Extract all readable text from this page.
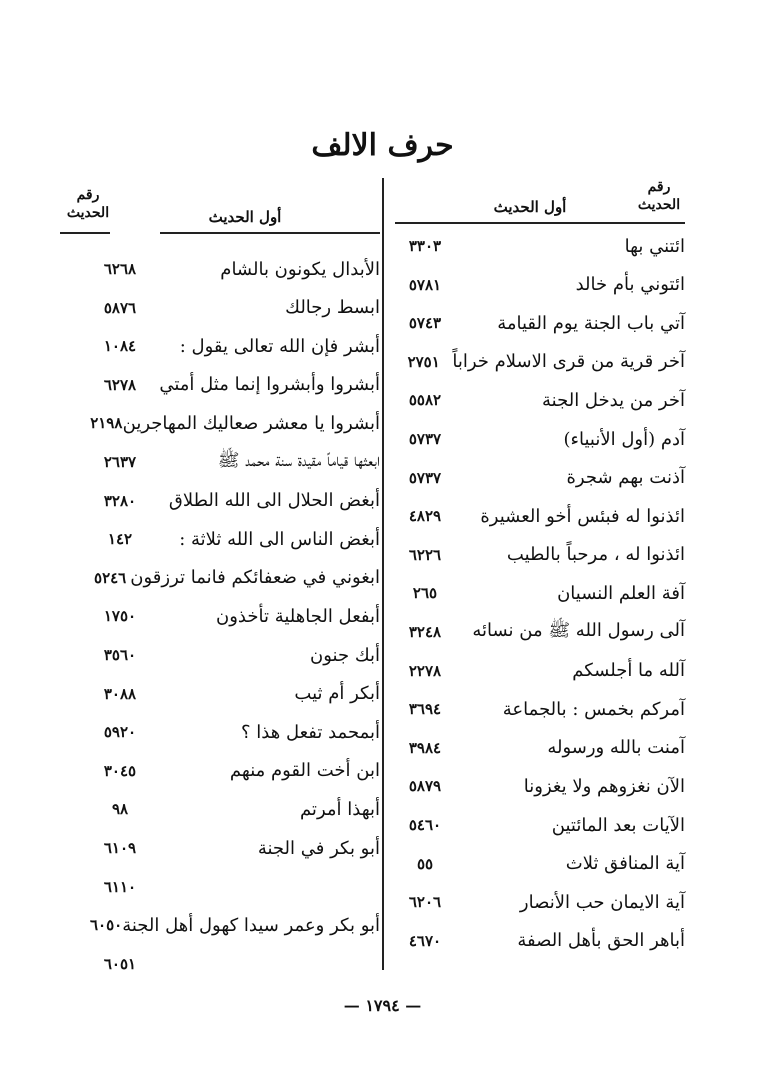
حرف الالف
رقم الحديث
أول الحديث
ائتني بها
٣٣٠٣
ائتوني بأم خالد
٥٧٨١
آتي باب الجنة يوم القيامة
٥٧٤٣
آخر قرية من قرى الاسلام خراباً
٢٧٥١
آخر من يدخل الجنة
٥٥٨٢
آدم (أول الأنبياء)
٥٧٣٧
آذنت بهم شجرة
٥٧٣٧
ائذنوا له فبئس أخو العشيرة
٤٨٢٩
ائذنوا له ، مرحباً بالطيب
٦٢٢٦
آفة العلم النسيان
٢٦٥
آلى رسول الله ﷺ من نسائه
٣٢٤٨
آلله ما أجلسكم
٢٢٧٨
آمركم بخمس : بالجماعة
٣٦٩٤
آمنت بالله ورسوله
٣٩٨٤
الآن نغزوهم ولا يغزونا
٥٨٧٩
الآيات بعد المائتين
٥٤٦٠
آية المنافق ثلاث
٥٥
آية الايمان حب الأنصار
٦٢٠٦
أباهر الحق بأهل الصفة
٤٦٧٠
رقم الحديث	أول الحديث
الأبدال يكونون بالشام
٦٢٦٨
ابسط رجالك
٥٨٧٦
أبشر فإن الله تعالى يقول :
١٠٨٤
أبشروا وأبشروا إنما مثل أمتي
٦٢٧٨
أبشروا يا معشر صعاليك المهاجرين
٢١٩٨
ابعثها قياماً مقيدة سنة محمد ﷺ
٢٦٣٧
أبغض الحلال الى الله الطلاق
٣٢٨٠
أبغض الناس الى الله ثلاثة :
١٤٢
ابغوني في ضعفائكم فانما ترزقون
٥٢٤٦
أبفعل الجاهلية تأخذون
١٧٥٠
أبك جنون
٣٥٦٠
أبكر أم ثيب
٣٠٨٨
أبمحمد تفعل هذا ؟
٥٩٢٠
ابن أخت القوم منهم
٣٠٤٥
أبهذا أمرتم
٩٨
أبو بكر في الجنة
٦١٠٩
٦١١٠
أبو بكر وعمر سيدا كهول أهل الجنة
٦٠٥٠
٦٠٥١
— ١٧٩٤ —
